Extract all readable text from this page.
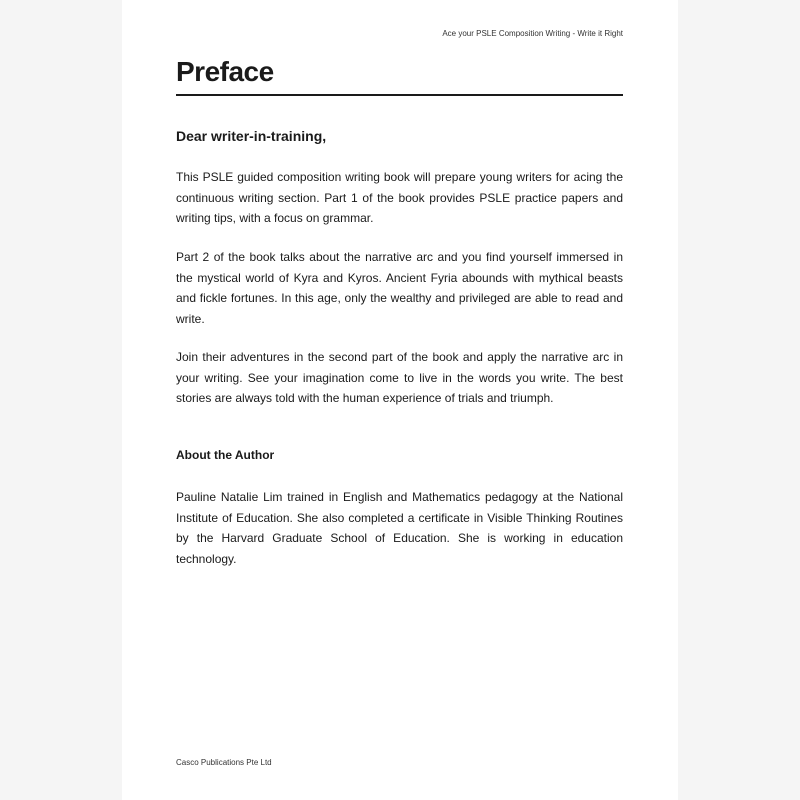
Ace your PSLE Composition Writing - Write it Right
Preface
Dear writer-in-training,

This PSLE guided composition writing book will prepare young writers for acing the continuous writing section. Part 1 of the book provides PSLE practice papers and writing tips, with a focus on grammar.

Part 2 of the book talks about the narrative arc and you find yourself immersed in the mystical world of Kyra and Kyros. Ancient Fyria abounds with mythical beasts and fickle fortunes. In this age, only the wealthy and privileged are able to read and write.

Join their adventures in the second part of the book and apply the narrative arc in your writing. See your imagination come to live in the words you write. The best stories are always told with the human experience of trials and triumph.

About the Author

Pauline Natalie Lim trained in English and Mathematics pedagogy at the National Institute of Education. She also completed a certificate in Visible Thinking Routines by the Harvard Graduate School of Education. She is working in education technology.

Casco Publications Pte Ltd
